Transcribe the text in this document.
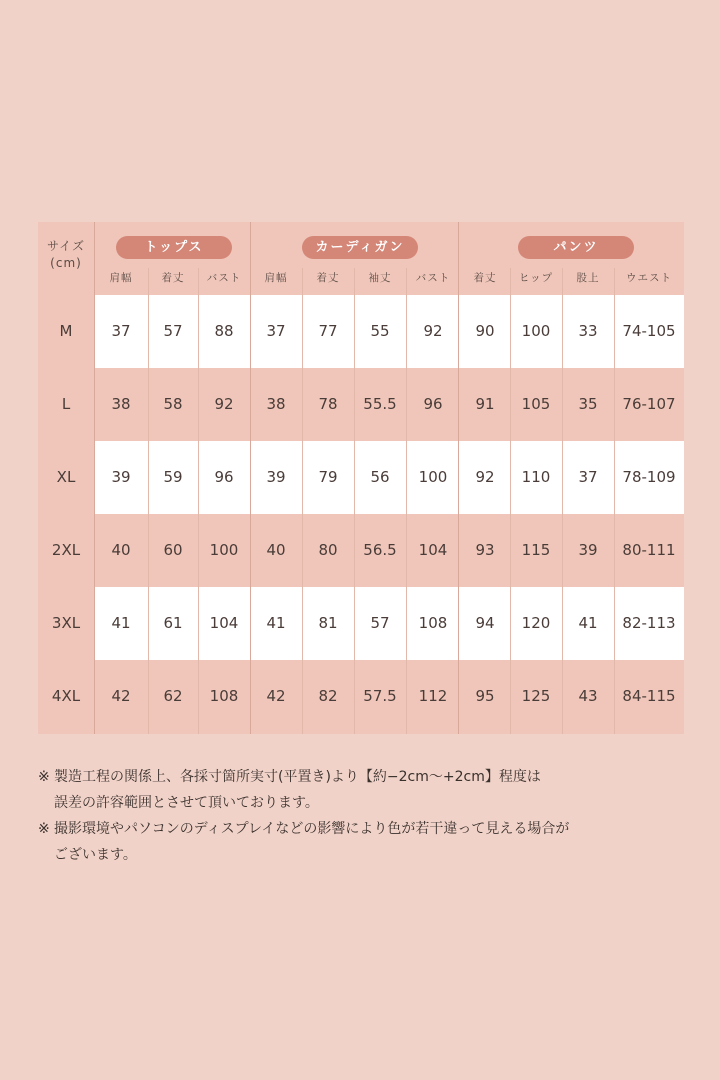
サイズ
(cm)
トップス	カーディガン	パンツ
肩幅	着丈	バスト	肩幅	着丈	袖丈	バスト	着丈	ヒップ	股上	ウエスト
M	37	57	88	37	77	55	92	90	100	33	74-105
L	38	58	92	38	78	55.5	96	91	105	35	76-107
XL	39	59	96	39	79	56	100	92	110	37	78-109
2XL	40	60	100	40	80	56.5	104	93	115	39	80-111
3XL	41	61	104	41	81	57	108	94	120	41	82-113
4XL	42	62	108	42	82	57.5	112	95	125	43	84-115

※ 製造工程の関係上、各採寸箇所実寸(平置き)より【約−2cm〜+2cm】程度は
誤差の許容範囲とさせて頂いております。

※ 撮影環境やパソコンのディスプレイなどの影響により色が若干違って見える場合が
ございます。
